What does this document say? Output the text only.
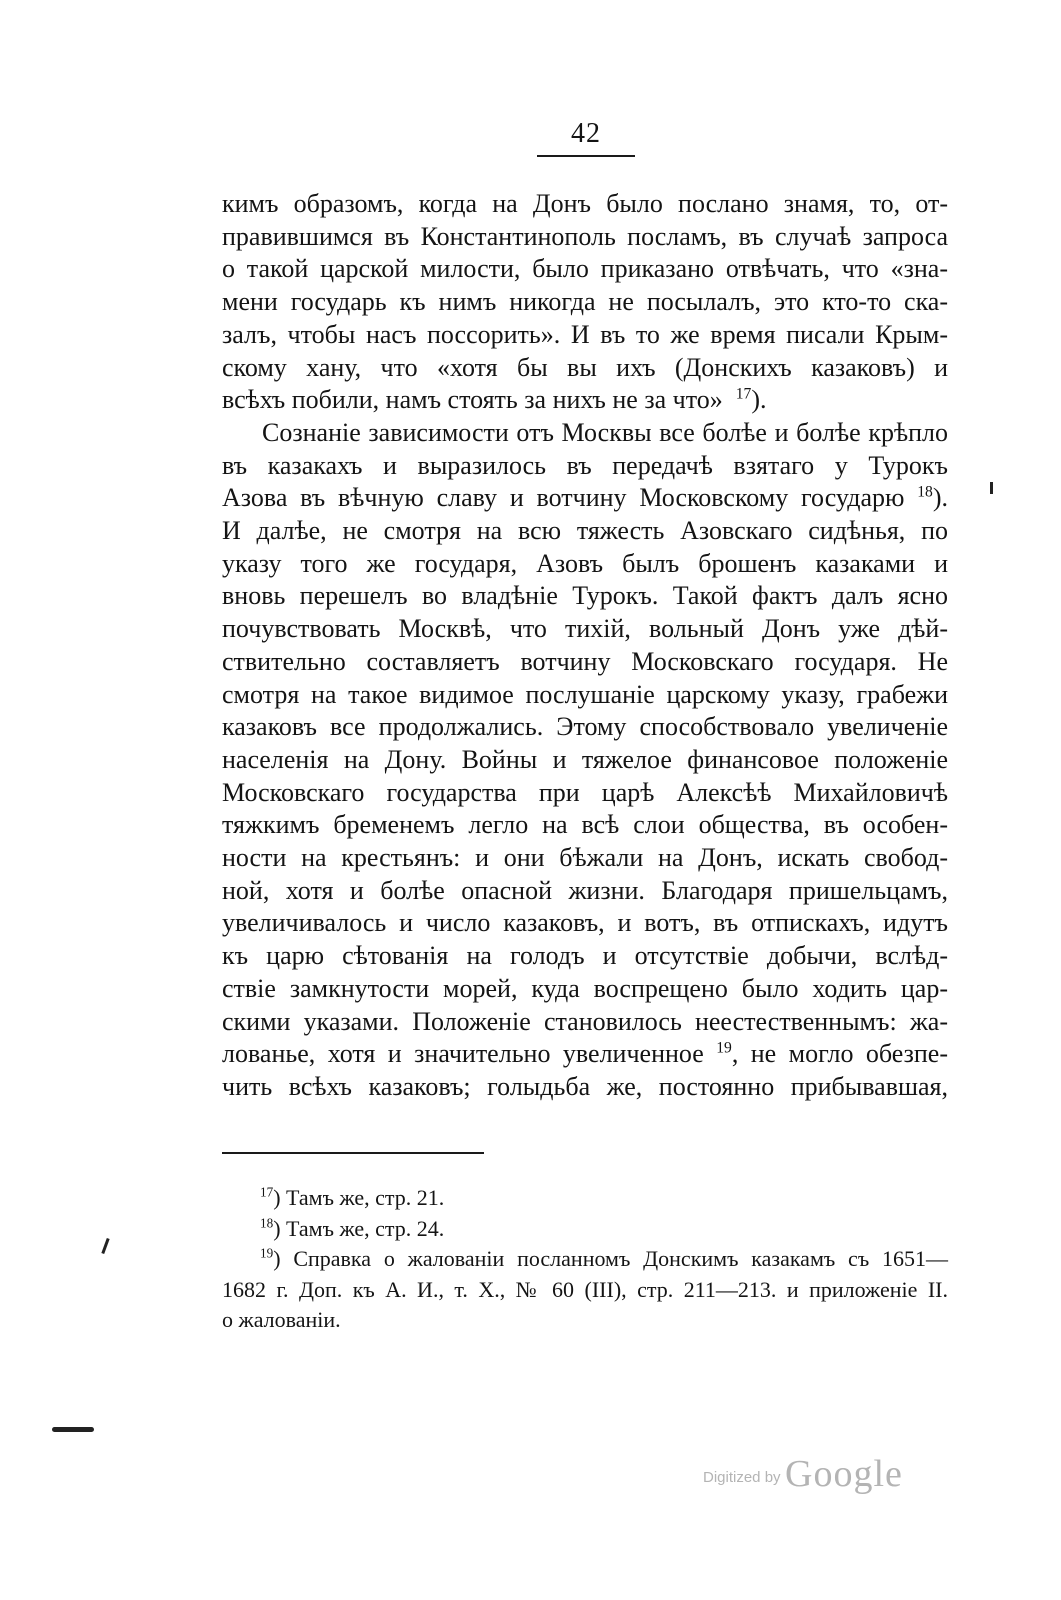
42
кимъ образомъ, когда на Донъ было послано знамя, то, от-
правившимся въ Константинополь посламъ, въ случаѣ запроса
о такой царской милости, было приказано отвѣчать, что «зна-
мени государь къ нимъ никогда не посылалъ, это кто-то ска-
залъ, чтобы насъ поссорить». И въ то же время писали Крым-
скому хану, что «хотя бы вы ихъ (Донскихъ казаковъ) и
всѣхъ побили, намъ стоять за нихъ не за что» $^{17}$).
Сознаніе зависимости отъ Москвы все болѣе и болѣе крѣпло
въ казакахъ и выразилось въ передачѣ взятаго у Турокъ
Азова въ вѣчную славу и вотчину Московскому государю $^{18}$).
И далѣе, не смотря на всю тяжесть Азовскаго сидѣнья, по
указу того же государя, Азовъ былъ брошенъ казаками и
вновь перешелъ во владѣніе Турокъ. Такой фактъ далъ ясно
почувствовать Москвѣ, что тихій, вольный Донъ уже дѣй-
ствительно составляетъ вотчину Московскаго государя. Не
смотря на такое видимое послушаніе царскому указу, грабежи
казаковъ все продолжались. Этому способствовало увеличеніе
населенія на Дону. Войны и тяжелое финансовое положеніе
Московскаго государства при царѣ Алексѣѣ Михайловичѣ
тяжкимъ бременемъ легло на всѣ слои общества, въ особен-
ности на крестьянъ: и они бѣжали на Донъ, искать свобод-
ной, хотя и болѣе опасной жизни. Благодаря пришельцамъ,
увеличивалось и число казаковъ, и вотъ, въ отпискахъ, идутъ
къ царю сѣтованія на голодъ и отсутствіе добычи, вслѣд-
ствіе замкнутости морей, куда воспрещено было ходить цар-
скими указами. Положеніе становилось неестественнымъ: жа-
лованье, хотя и значительно увеличенное $^{19}$, не могло обезпе-
чить всѣхъ казаковъ; голыдьба же, постоянно прибывавшая,
$^{17}$) Тамъ же, стр. 21.
$^{18}$) Тамъ же, стр. 24.
$^{19}$) Справка о жалованіи посланномъ Донскимъ казакамъ съ 1651—
1682 г. Доп. къ А. И., т. X., № 60 (III), стр. 211—213. и приложеніе II.
о жалованіи.
Digitized by Google
